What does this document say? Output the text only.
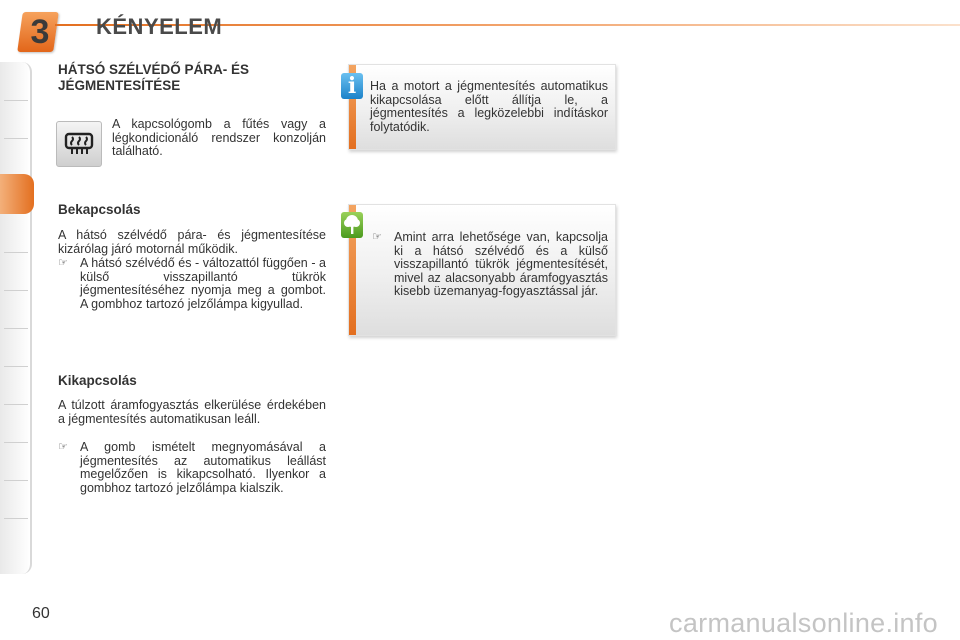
3 KÉNYELEM
HÁTSÓ SZÉLVÉDŐ PÁRA- ÉS
JÉGMENTESÍTÉSE
A kapcsológomb a fűtés vagy a légkondicionáló rendszer konzolján található.
Bekapcsolás
A hátsó szélvédő pára- és jégmentesítése kizárólag járó motornál működik.
☞ A hátsó szélvédő és - változattól függően - a külső visszapillantó tükrök jégmentesítéséhez nyomja meg a gombot. A gombhoz tartozó jelzőlámpa kigyullad.
Kikapcsolás
A túlzott áramfogyasztás elkerülése érdekében a jégmentesítés automatikusan leáll.
☞ A gomb ismételt megnyomásával a jégmentesítés az automatikus leállást megelőzően is kikapcsolható. Ilyenkor a gombhoz tartozó jelzőlámpa kialszik.
i	Ha a motort a jégmentesítés automatikus kikapcsolása előtt állítja le, a jégmentesítés a legközelebbi indításkor folytatódik.
☞ Amint arra lehetősége van, kapcsolja ki a hátsó szélvédő és a külső visszapillantó tükrök jégmentesítését, mivel az alacsonyabb áramfogyasztás kisebb üzemanyag-fogyasztással jár.
60	carmanualsonline.info
